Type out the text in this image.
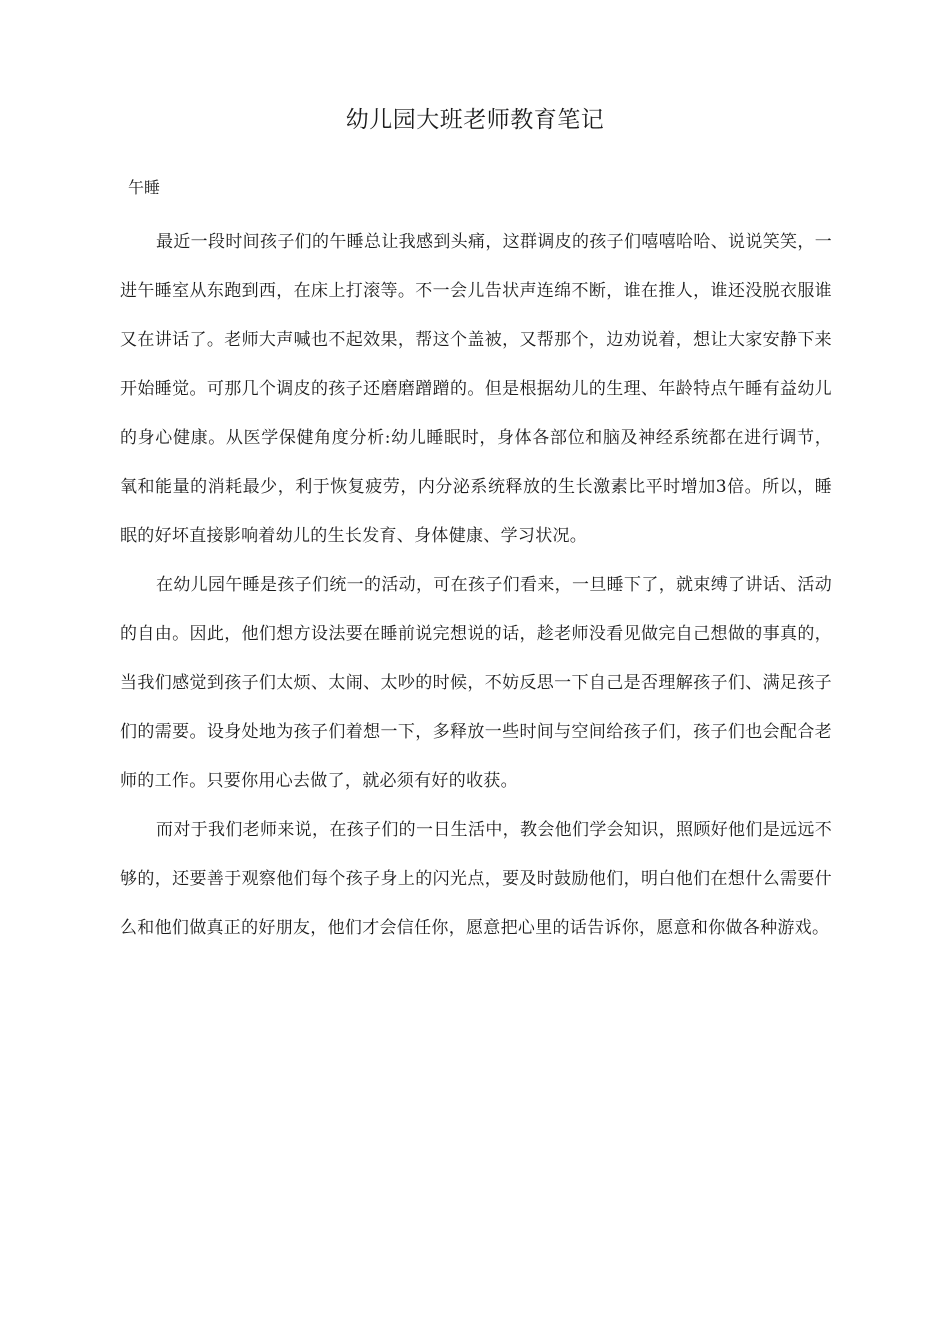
幼儿园大班老师教育笔记
午睡

最近一段时间孩子们的午睡总让我感到头痛，这群调皮的孩子们嘻嘻哈哈、说说笑笑，一进午睡室从东跑到西，在床上打滚等。不一会儿告状声连绵不断，谁在推人，谁还没脱衣服谁又在讲话了。老师大声喊也不起效果，帮这个盖被，又帮那个，边劝说着，想让大家安静下来开始睡觉。可那几个调皮的孩子还磨磨蹭蹭的。但是根据幼儿的生理、年龄特点午睡有益幼儿的身心健康。从医学保健角度分析:幼儿睡眠时，身体各部位和脑及神经系统都在进行调节，氧和能量的消耗最少，利于恢复疲劳，内分泌系统释放的生长激素比平时增加3倍。所以，睡眠的好坏直接影响着幼儿的生长发育、身体健康、学习状况。

在幼儿园午睡是孩子们统一的活动，可在孩子们看来，一旦睡下了，就束缚了讲话、活动的自由。因此，他们想方设法要在睡前说完想说的话，趁老师没看见做完自己想做的事真的，当我们感觉到孩子们太烦、太闹、太吵的时候，不妨反思一下自己是否理解孩子们、满足孩子们的需要。设身处地为孩子们着想一下，多释放一些时间与空间给孩子们，孩子们也会配合老师的工作。只要你用心去做了，就必须有好的收获。

而对于我们老师来说，在孩子们的一日生活中，教会他们学会知识，照顾好他们是远远不够的，还要善于观察他们每个孩子身上的闪光点，要及时鼓励他们，明白他们在想什么需要什么和他们做真正的好朋友，他们才会信任你，愿意把心里的话告诉你，愿意和你做各种游戏。
